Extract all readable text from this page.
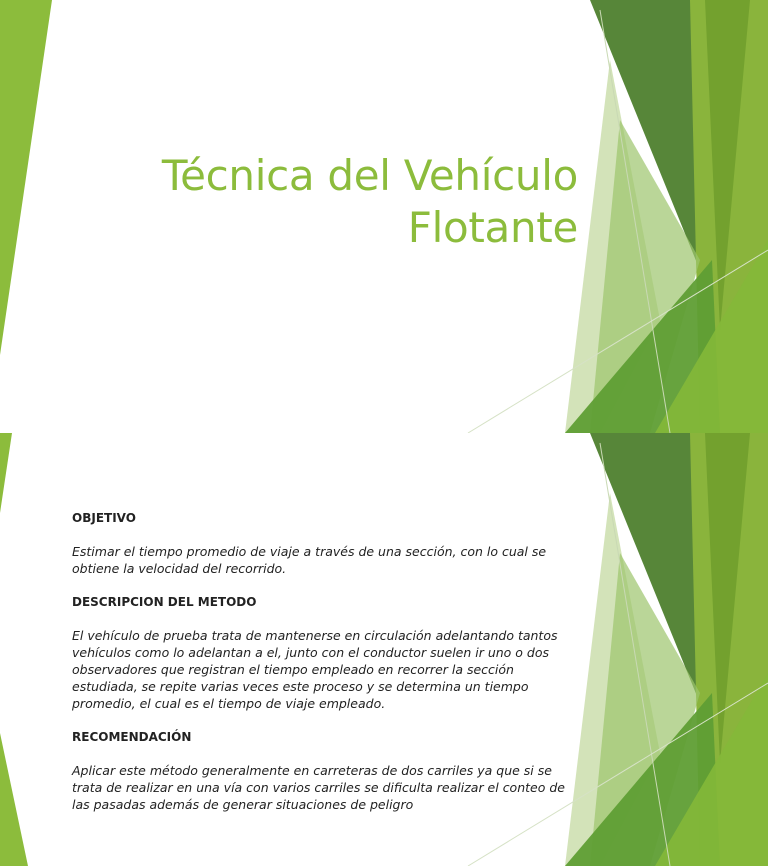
Técnica del Vehículo
Flotante

OBJETIVO

Estimar el tiempo promedio de viaje a través de una sección, con lo cual se obtiene la velocidad del recorrido.

DESCRIPCION DEL METODO

El vehículo de prueba trata de mantenerse en circulación adelantando tantos vehículos como lo adelantan a el, junto con el conductor suelen ir uno o dos observadores que registran el tiempo empleado en recorrer la sección estudiada, se repite varias veces este proceso y se determina un tiempo promedio, el cual es el tiempo de viaje empleado.

RECOMENDACIÓN

Aplicar este método generalmente en carreteras de dos carriles ya que si se trata de realizar en una vía con varios carriles se dificulta realizar el conteo de las pasadas además de generar situaciones de peligro
